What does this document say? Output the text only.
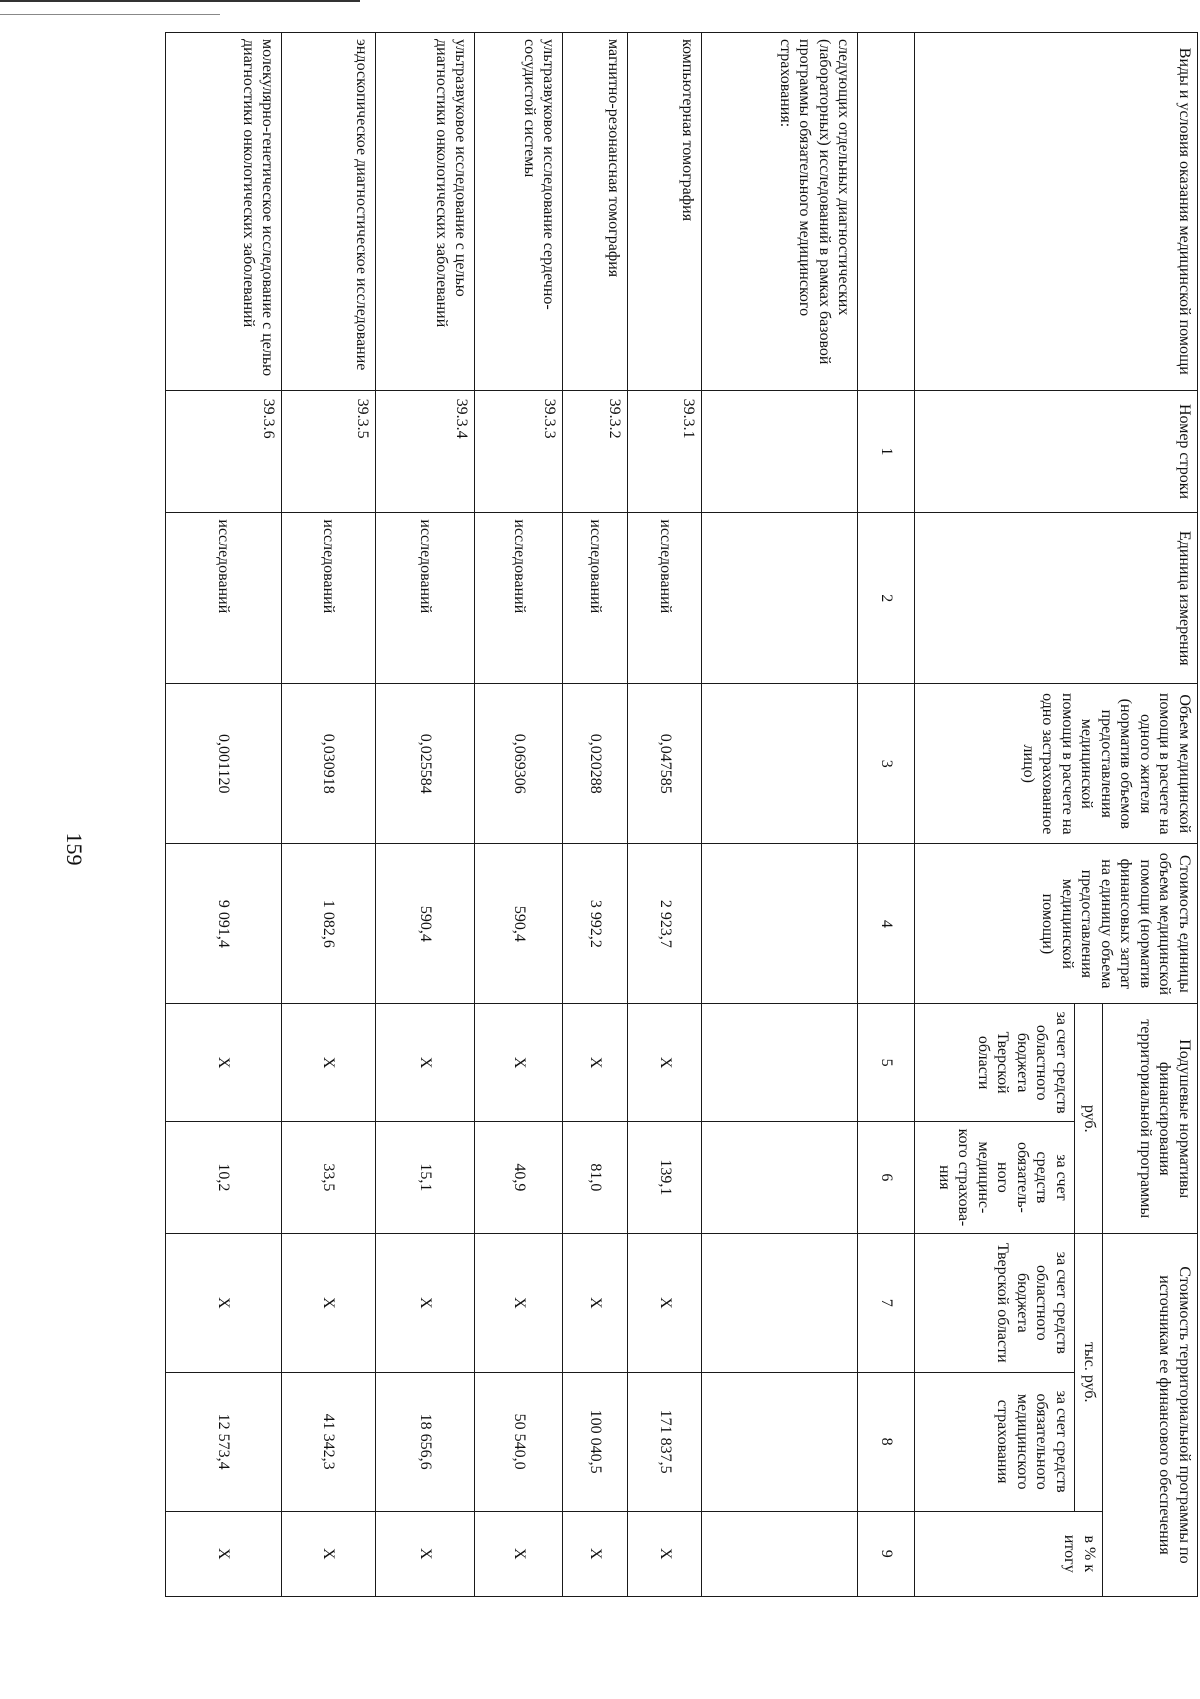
159
Виды и условия оказания медицинской помощи	Номер строки	Единица измерения	Объем медицинской помощи в расчете на одного жителя (норматив объемов предоставления медицинской помощи в расчете на одно застрахованное лицо)	Стоимость единицы объема медицинской помощи (норматив финансовых затрат на единицу объема предоставления медицинской помощи)	Подушевые нормативы финансирования территориальной программы		Стоимость территориальной программы по источникам ее финансового обеспечения		
					руб.		тыс. руб.		в % к итогу
					за счет средств областного бюджета Тверской области	за счет средств обязатель-ного медицинс-кого страхова-ния	за счет средств областного бюджета Тверской области	за счет средств обязательного медицинского страхования	
	1	2	3	4	5	6	7	8	9
следующих отдельных диагностических (лабораторных) исследований в рамках базовой программы обязательного медицинского страхования:									
компьютерная томография	39.3.1	исследований	0,047585	2 923,7	Х	139,1	Х	171 837,5	Х
магнитно-резонансная томография	39.3.2	исследований	0,020288	3 992,2	Х	81,0	Х	100 040,5	Х
ультразвуковое исследование сердечно-сосудистой системы	39.3.3	исследований	0,069306	590,4	Х	40,9	Х	50 540,0	Х
ультразвуковое исследование с целью диагностики онкологических заболеваний	39.3.4	исследований	0,025584	590,4	Х	15,1	Х	18 656,6	Х
эндоскопическое диагностическое исследование	39.3.5	исследований	0,030918	1 082,6	Х	33,5	Х	41 342,3	Х
молекулярно-генетическое исследование с целью диагностики онкологических заболеваний	39.3.6	исследований	0,001120	9 091,4	Х	10,2	Х	12 573,4	Х
